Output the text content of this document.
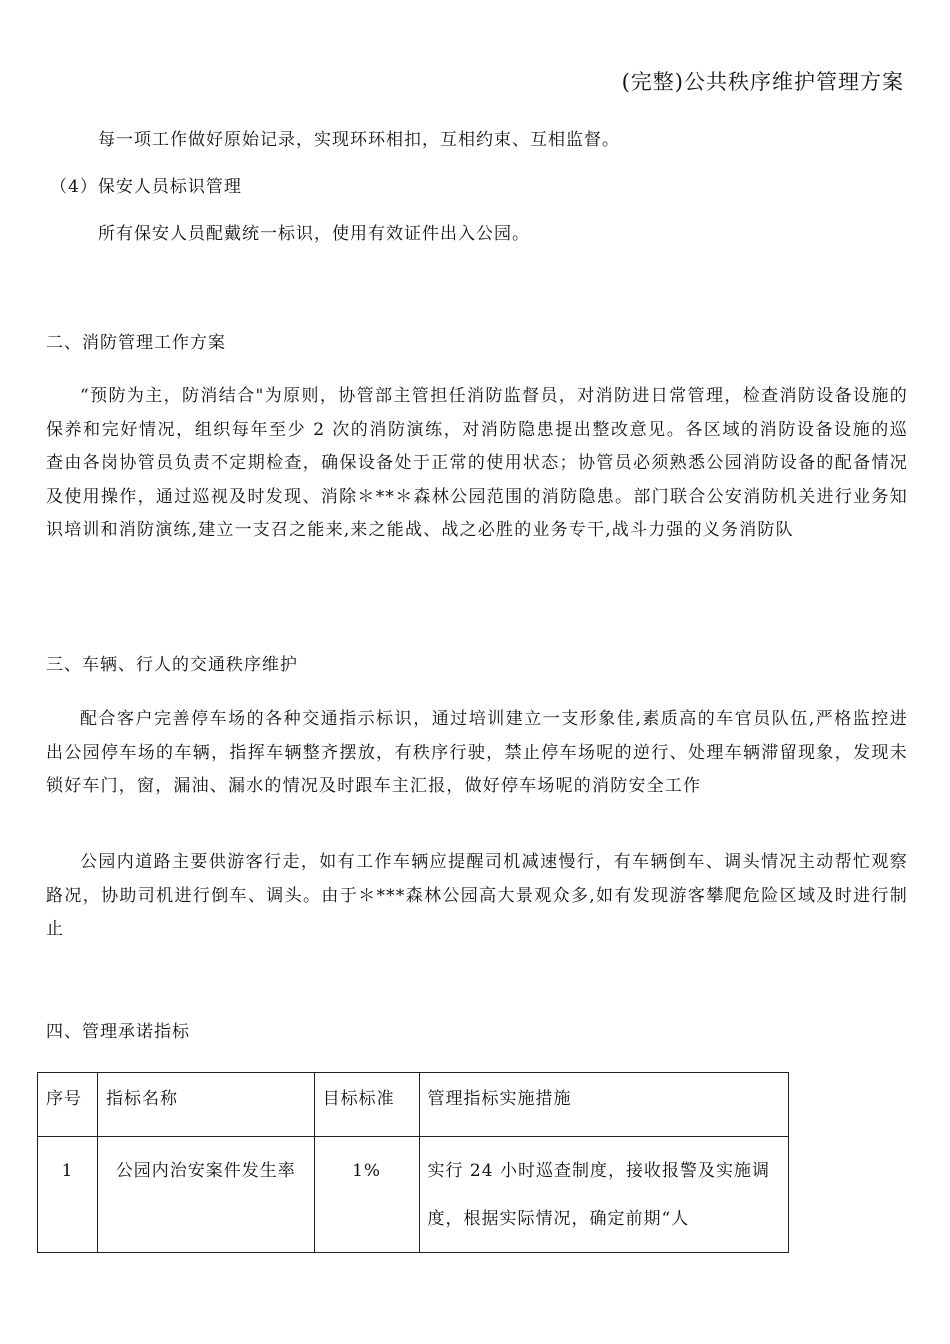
(完整)公共秩序维护管理方案
每一项工作做好原始记录，实现环环相扣，互相约束、互相监督。
（4）保安人员标识管理
所有保安人员配戴统一标识，使用有效证件出入公园。
二、消防管理工作方案
“预防为主，防消结合"为原则，协管部主管担任消防监督员，对消防进日常管理，检查消防设备设施的保养和完好情况，组织每年至少 2 次的消防演练，对消防隐患提出整改意见。各区域的消防设备设施的巡查由各岗协管员负责不定期检查，确保设备处于正常的使用状态；协管员必须熟悉公园消防设备的配备情况及使用操作，通过巡视及时发现、消除＊**＊森林公园范围的消防隐患。部门联合公安消防机关进行业务知识培训和消防演练,建立一支召之能来,来之能战、战之必胜的业务专干,战斗力强的义务消防队
三、车辆、行人的交通秩序维护
配合客户完善停车场的各种交通指示标识，通过培训建立一支形象佳,素质高的车官员队伍,严格监控进出公园停车场的车辆，指挥车辆整齐摆放，有秩序行驶，禁止停车场呢的逆行、处理车辆滞留现象，发现未锁好车门，窗，漏油、漏水的情况及时跟车主汇报，做好停车场呢的消防安全工作
公园内道路主要供游客行走，如有工作车辆应提醒司机减速慢行，有车辆倒车、调头情况主动帮忙观察路况，协助司机进行倒车、调头。由于＊***森林公园高大景观众多,如有发现游客攀爬危险区域及时进行制止
四、管理承诺指标
序号	指标名称	目标标准	管理指标实施措施
1	公园内治安案件发生率	1%	实行 24 小时巡查制度，接收报警及实施调度，根据实际情况，确定前期“人
